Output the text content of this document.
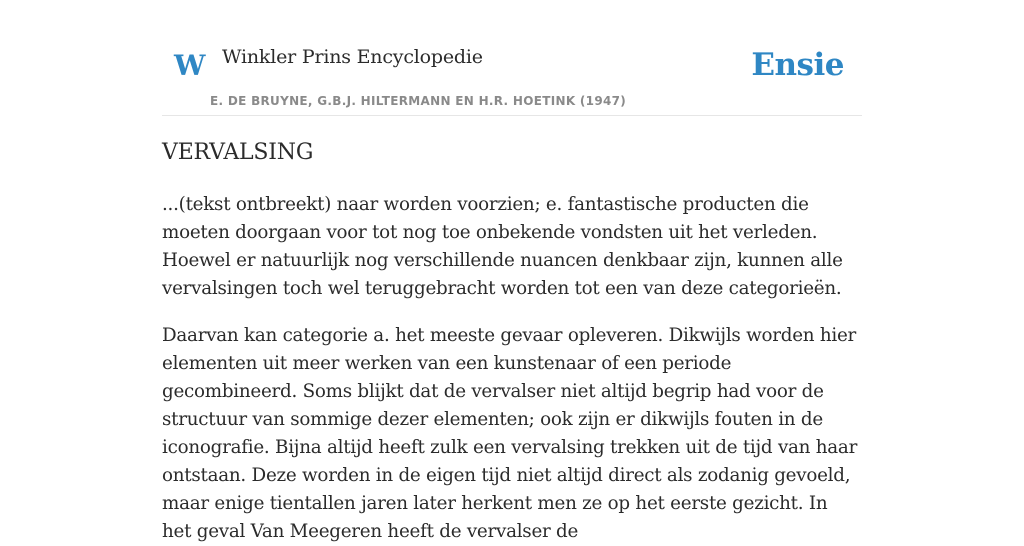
W Winkler Prins Encyclopedie
E. DE BRUYNE, G.B.J. HILTERMANN EN H.R. HOETINK (1947)
Ensie
VERVALSING

...(tekst ontbreekt) naar worden voorzien; e. fantastische producten die moeten doorgaan voor tot nog toe onbekende vondsten uit het verleden. Hoewel er natuurlijk nog verschillende nuancen denkbaar zijn, kunnen alle vervalsingen toch wel teruggebracht worden tot een van deze categorieën.

Daarvan kan categorie a. het meeste gevaar opleveren. Dikwijls worden hier elementen uit meer werken van een kunstenaar of een periode gecombineerd. Soms blijkt dat de vervalser niet altijd begrip had voor de structuur van sommige dezer elementen; ook zijn er dikwijls fouten in de iconografie. Bijna altijd heeft zulk een vervalsing trekken uit de tijd van haar ontstaan. Deze worden in de eigen tijd niet altijd direct als zodanig gevoeld, maar enige tientallen jaren later herkent men ze op het eerste gezicht. In het geval Van Meegeren heeft de vervalser de
